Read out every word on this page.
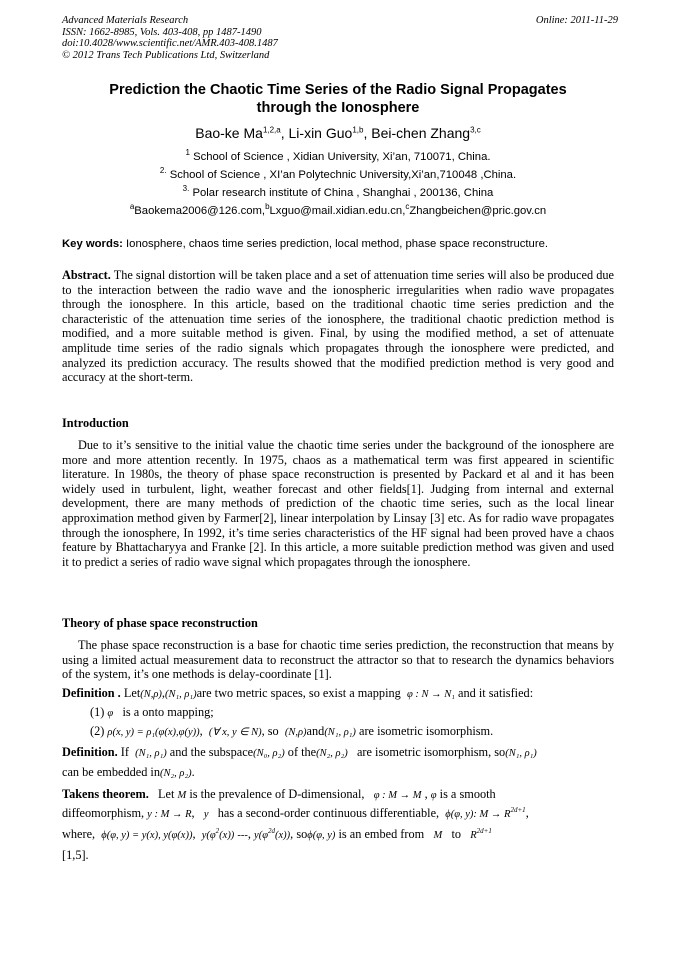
Advanced Materials Research
ISSN: 1662-8985, Vols. 403-408, pp 1487-1490
doi:10.4028/www.scientific.net/AMR.403-408.1487
© 2012 Trans Tech Publications Ltd, Switzerland
Online: 2011-11-29
Prediction the Chaotic Time Series of the Radio Signal Propagates
through the Ionosphere
Bao-ke Ma$^{1,2,a}$, Li-xin Guo$^{1,b}$, Bei-chen Zhang$^{3,c}$
$^1$ School of Science , Xidian University, Xi’an, 710071, China.
$^{2.}$ School of Science , XI’an Polytechnic University,Xi’an,710048 ,China.
$^{3.}$ Polar research institute of China , Shanghai , 200136, China
$^a$Baokema2006@126.com,$^b$Lxguo@mail.xidian.edu.cn,$^c$Zhangbeichen@pric.gov.cn
Key words: Ionosphere, chaos time series prediction, local method, phase space reconstructure.
Abstract. The signal distortion will be taken place and a set of attenuation time series will also be produced due to the interaction between the radio wave and the ionospheric irregularities when radio wave propagates through the ionosphere. In this article, based on the traditional chaotic time series prediction and the characteristic of the attenuation time series of the ionosphere, the traditional chaotic prediction method is modified, and a more suitable method is given. Final, by using the modified method, a set of attenuate amplitude time series of the radio signals which propagates through the ionosphere were predicted, and analyzed its prediction accuracy. The results showed that the modified prediction method is very good and accuracy at the short-term.
Introduction
Due to it’s sensitive to the initial value the chaotic time series under the background of the ionosphere are more and more attention recently. In 1975, chaos as a mathematical term was first appeared in scientific literature. In 1980s, the theory of phase space reconstruction is presented by Packard et al and it has been widely used in turbulent, light, weather forecast and other fields[1]. Judging from internal and external development, there are many methods of prediction of the chaotic time series, such as the local linear approximation method given by Farmer[2], linear interpolation by Linsay [3] etc. As for radio wave propagates through the ionosphere, In 1992, it’s time series characteristics of the HF signal had been proved have a chaos feature by Bhattacharyya and Franke [2]. In this article, a more suitable prediction method was given and used it to predict a series of radio wave signal which propagates through the ionosphere.
Theory of phase space reconstruction
The phase space reconstruction is a base for chaotic time series prediction, the reconstruction that means by using a limited actual measurement data to reconstruct the attractor so that to research the dynamics behaviors of the system, it’s one methods is delay-coordinate [1].
Definition . Let(N,ρ),(N₁, ρ₁)are two metric spaces, so exist a mapping φ : N → N₁ and it satisfied:
(1) φ is a onto mapping;
(2) ρ(x, y) = ρ₁(φ(x),φ(y)), (∀ x, y ∈ N), so (N,ρ)and(N₁, ρ₁) are isometric isomorphism.
Definition. If (N₁, ρ₁) and the subspace(N₀, ρ₂) of the(N₂, ρ₂) are isometric isomorphism, so(N₁, ρ₁)
can be embedded in(N₂, ρ₂).
Takens theorem. Let M is the prevalence of D-dimensional, φ : M → M , φ is a smooth
diffeomorphism, y : M → R, y has a second-order continuous differentiable, ϕ(φ, y): $M \to R^{2d+1}$,
where, ϕ(φ, y) = y(x), y(φ(x)), $y(\varphi^2(x))$ ---, $y(\varphi^{2d}(x))$, soϕ(φ, y) is an embed from M to $R^{2d+1}$
[1,5].
